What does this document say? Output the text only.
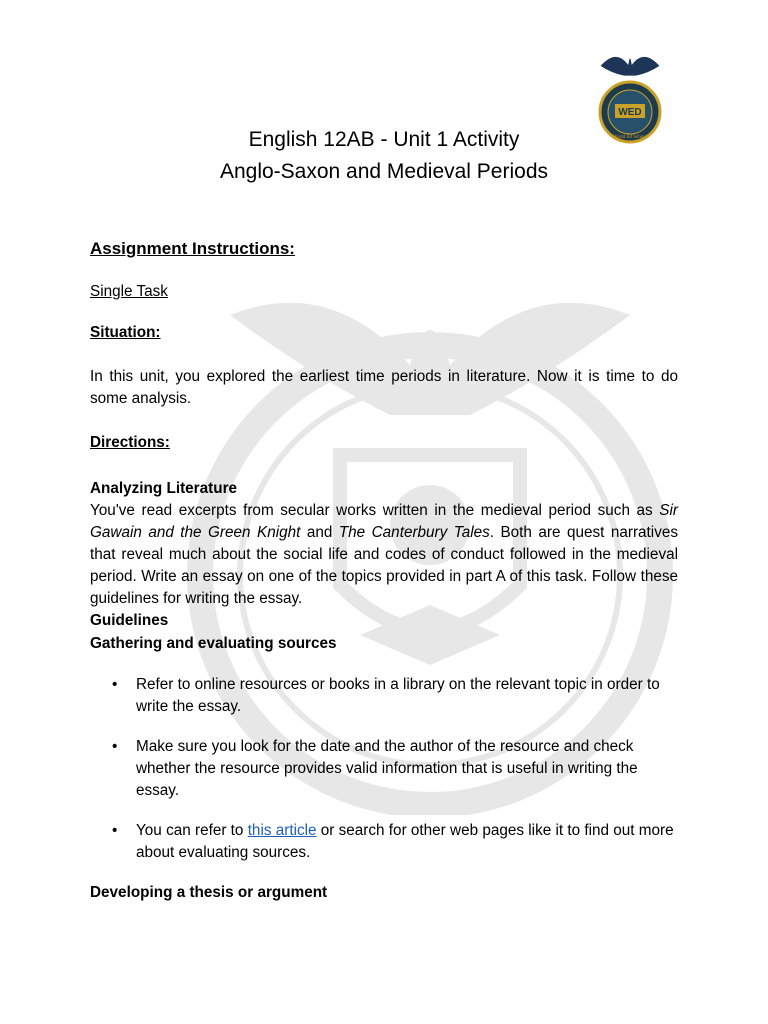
WED
World Ed School
English 12AB - Unit 1 Activity
Anglo-Saxon and Medieval Periods
Assignment Instructions:
Single Task
Situation:
In this unit, you explored the earliest time periods in literature. Now it is time to do some analysis.
Directions:
Analyzing Literature
You've read excerpts from secular works written in the medieval period such as Sir Gawain and the Green Knight and The Canterbury Tales. Both are quest narratives that reveal much about the social life and codes of conduct followed in the medieval period. Write an essay on one of the topics provided in part A of this task. Follow these guidelines for writing the essay.
Guidelines
Gathering and evaluating sources
• Refer to online resources or books in a library on the relevant topic in order to write the essay.
• Make sure you look for the date and the author of the resource and check whether the resource provides valid information that is useful in writing the essay.
• You can refer to this article or search for other web pages like it to find out more about evaluating sources.
Developing a thesis or argument
